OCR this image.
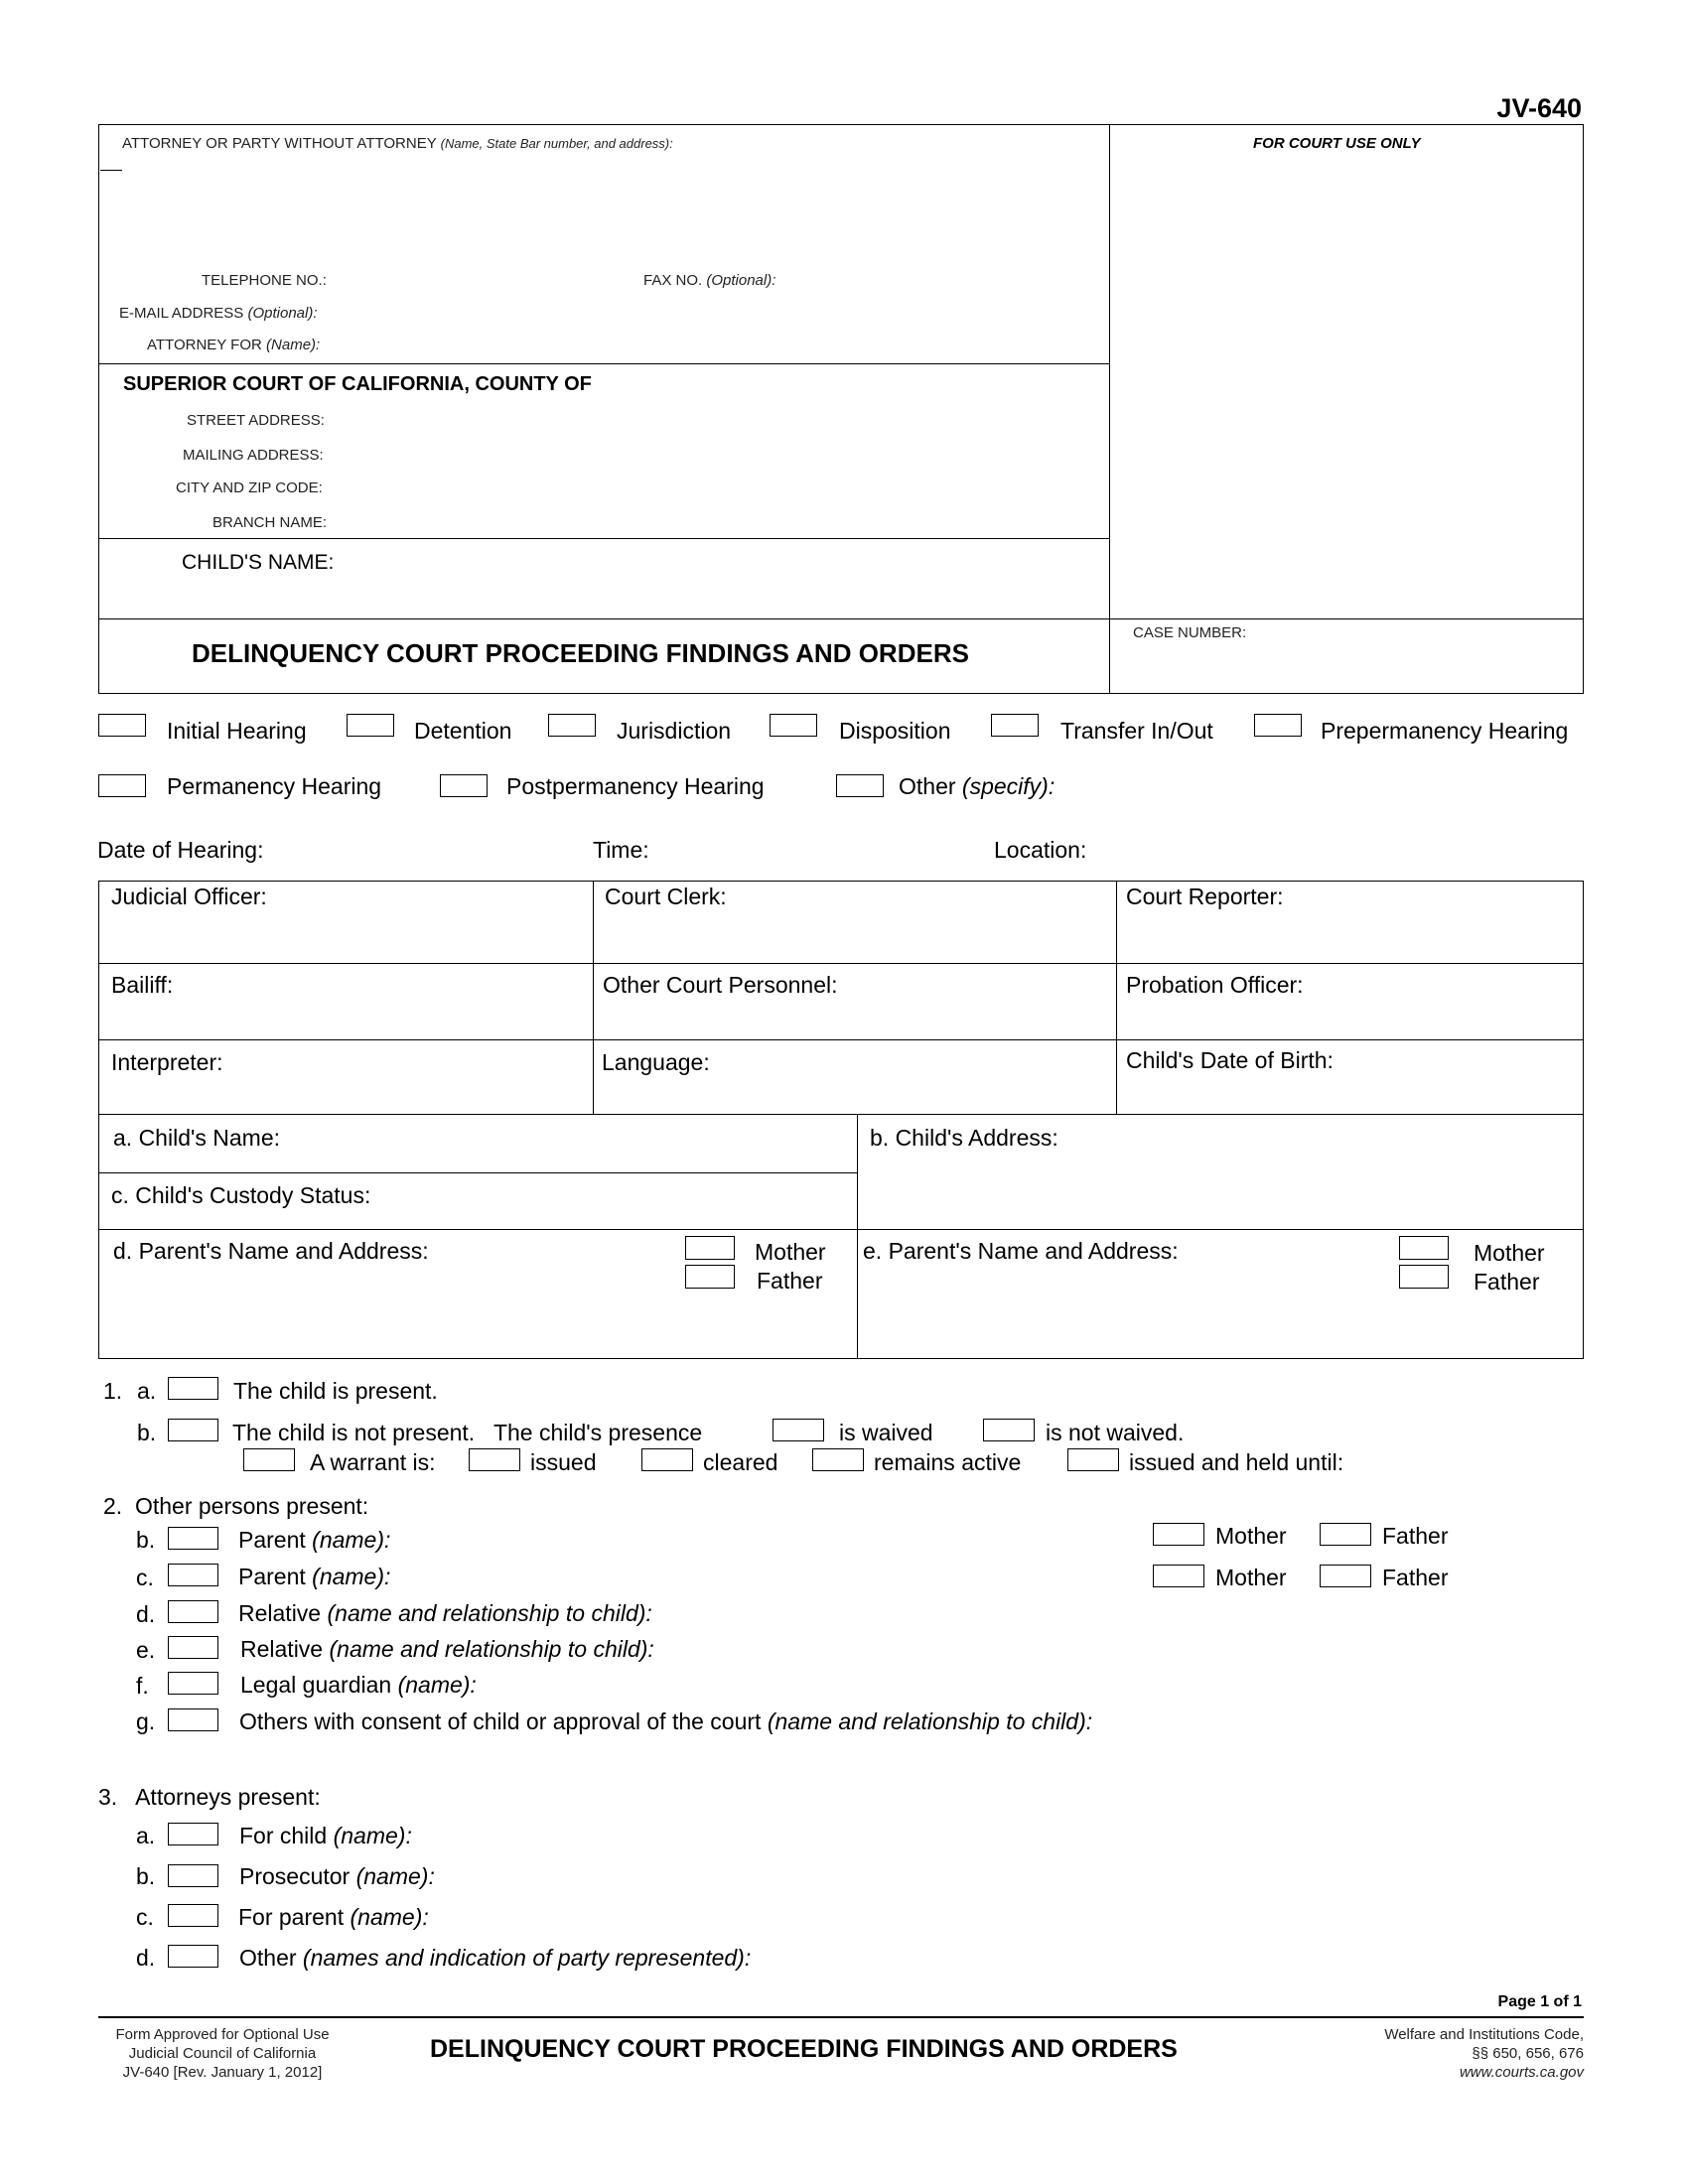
JV-640
ATTORNEY OR PARTY WITHOUT ATTORNEY (Name, State Bar number, and address):
TELEPHONE NO.:	FAX NO. (Optional):
E-MAIL ADDRESS (Optional):
ATTORNEY FOR (Name):
FOR COURT USE ONLY
SUPERIOR COURT OF CALIFORNIA, COUNTY OF
STREET ADDRESS:
MAILING ADDRESS:
CITY AND ZIP CODE:
BRANCH NAME:
CHILD'S NAME:
CASE NUMBER:
DELINQUENCY COURT PROCEEDING FINDINGS AND ORDERS
Initial Hearing	Detention	Jurisdiction	Disposition	Transfer In/Out	Prepermanency Hearing
Permanency Hearing	Postpermanency Hearing	Other (specify):
Date of Hearing:	Time:	Location:
Judicial Officer:	Court Clerk:	Court Reporter:
Bailiff:	Other Court Personnel:	Probation Officer:
Interpreter:	Language:	Child's Date of Birth:
a. Child's Name:	b. Child's Address:
c. Child's Custody Status:
d. Parent's Name and Address:	e. Parent's Name and Address:
Mother
Father
Mother
Father
1. a.	The child is present.
b.	The child is not present.   The child's presence	is waived	is not waived.
A warrant is:	issued	cleared	remains active	issued and held until:
2.  Other persons present:
b.	Parent (name):
c.	Parent (name):
Mother	Father
Mother	Father
d.	Relative (name and relationship to child):
e.	Relative (name and relationship to child):
f.	Legal guardian (name):
g.	Others with consent of child or approval of the court (name and relationship to child):
3.   Attorneys present:
a.	For child (name):
b.	Prosecutor (name):
c.	For parent (name):
d.	Other (names and indication of party represented):
Page 1 of 1
Form Approved for Optional Use
Judicial Council of California
JV-640 [Rev. January 1, 2012]
DELINQUENCY COURT PROCEEDING FINDINGS AND ORDERS
Welfare and Institutions Code,
§§ 650, 656, 676
www.courts.ca.gov
